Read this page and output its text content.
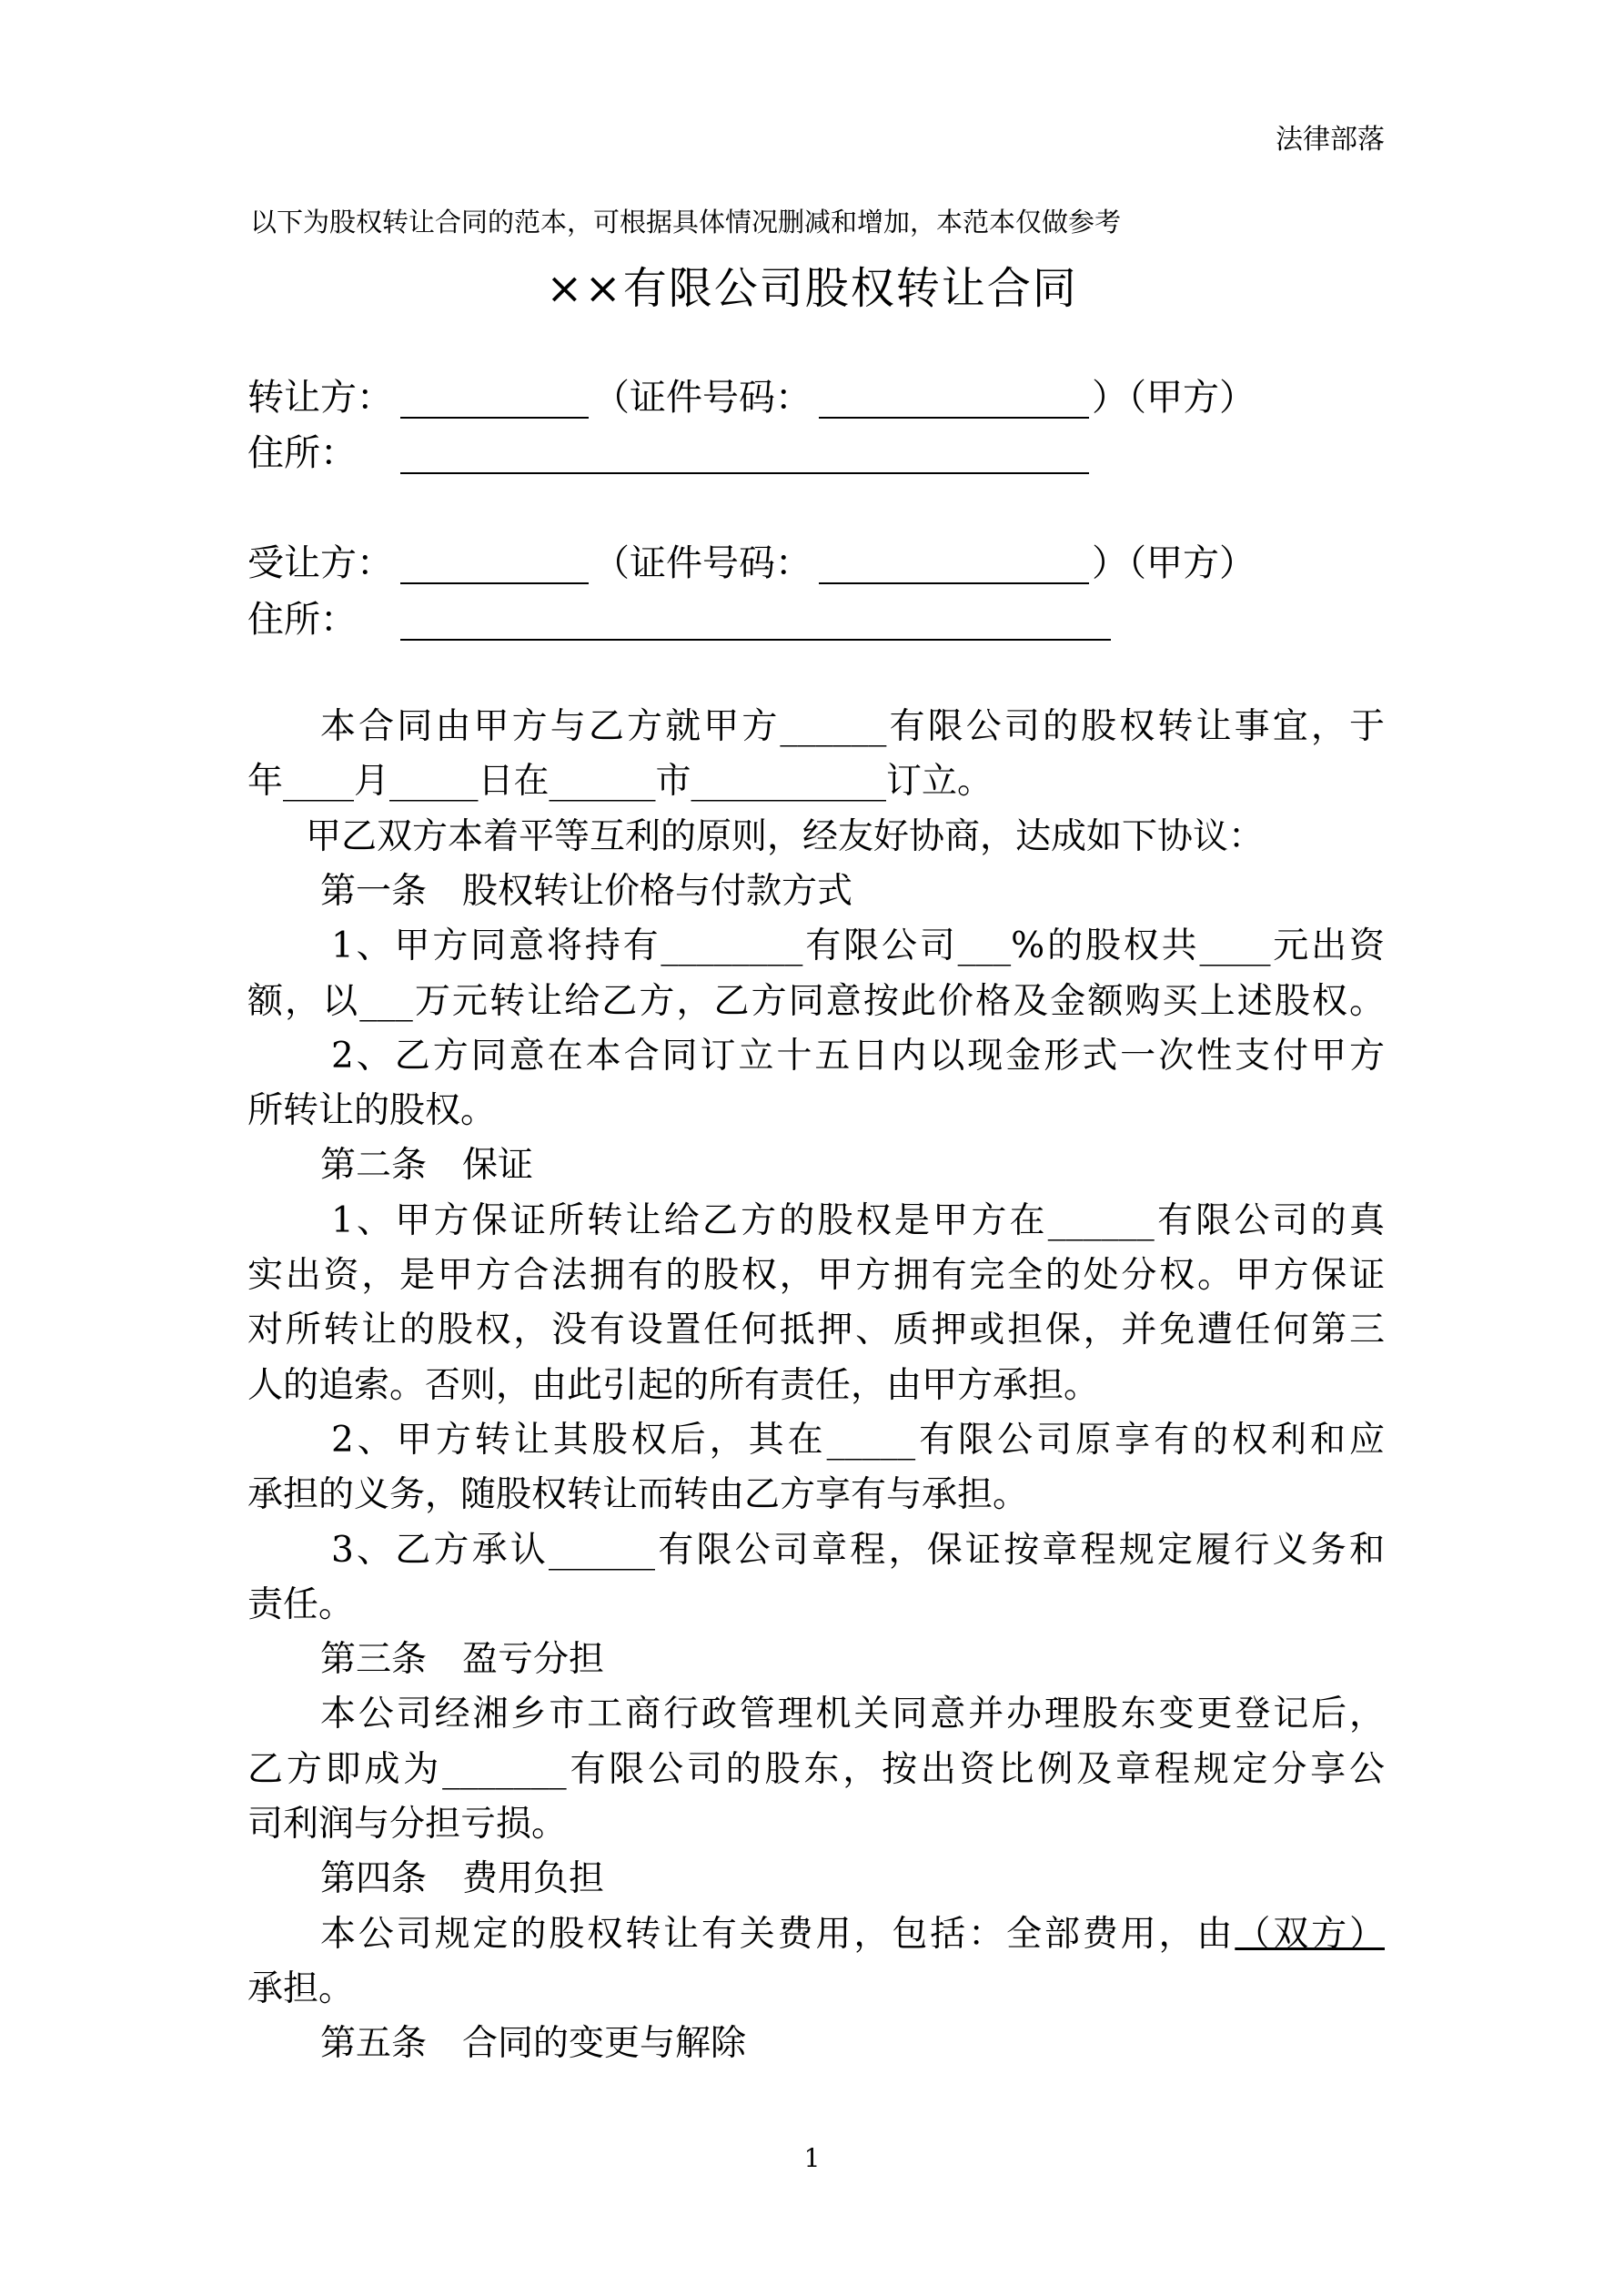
法律部落
以下为股权转让合同的范本，可根据具体情况删减和增加，本范本仅做参考
××有限公司股权转让合同
转让方：	（证件号码：	）（甲方）
住所：
受让方：	（证件号码：	）（甲方）
住所：
本合同由甲方与乙方就甲方______有限公司的股权转让事宜，于
年____月_____日在______市___________订立。
甲乙双方本着平等互利的原则，经友好协商，达成如下协议：
第一条　股权转让价格与付款方式
1、甲方同意将持有________有限公司___%的股权共____元出资
额，以___万元转让给乙方，乙方同意按此价格及金额购买上述股权。
2、乙方同意在本合同订立十五日内以现金形式一次性支付甲方
所转让的股权。
第二条　保证
1、甲方保证所转让给乙方的股权是甲方在______有限公司的真
实出资，是甲方合法拥有的股权，甲方拥有完全的处分权。甲方保证
对所转让的股权，没有设置任何抵押、质押或担保，并免遭任何第三
人的追索。否则，由此引起的所有责任，由甲方承担。
2、甲方转让其股权后，其在_____有限公司原享有的权利和应
承担的义务，随股权转让而转由乙方享有与承担。
3、乙方承认______有限公司章程，保证按章程规定履行义务和
责任。
第三条　盈亏分担
本公司经湘乡市工商行政管理机关同意并办理股东变更登记后，
乙方即成为_______有限公司的股东，按出资比例及章程规定分享公
司利润与分担亏损。
第四条　费用负担
本公司规定的股权转让有关费用，包括：全部费用，由（双方）
承担。
第五条　合同的变更与解除
1
